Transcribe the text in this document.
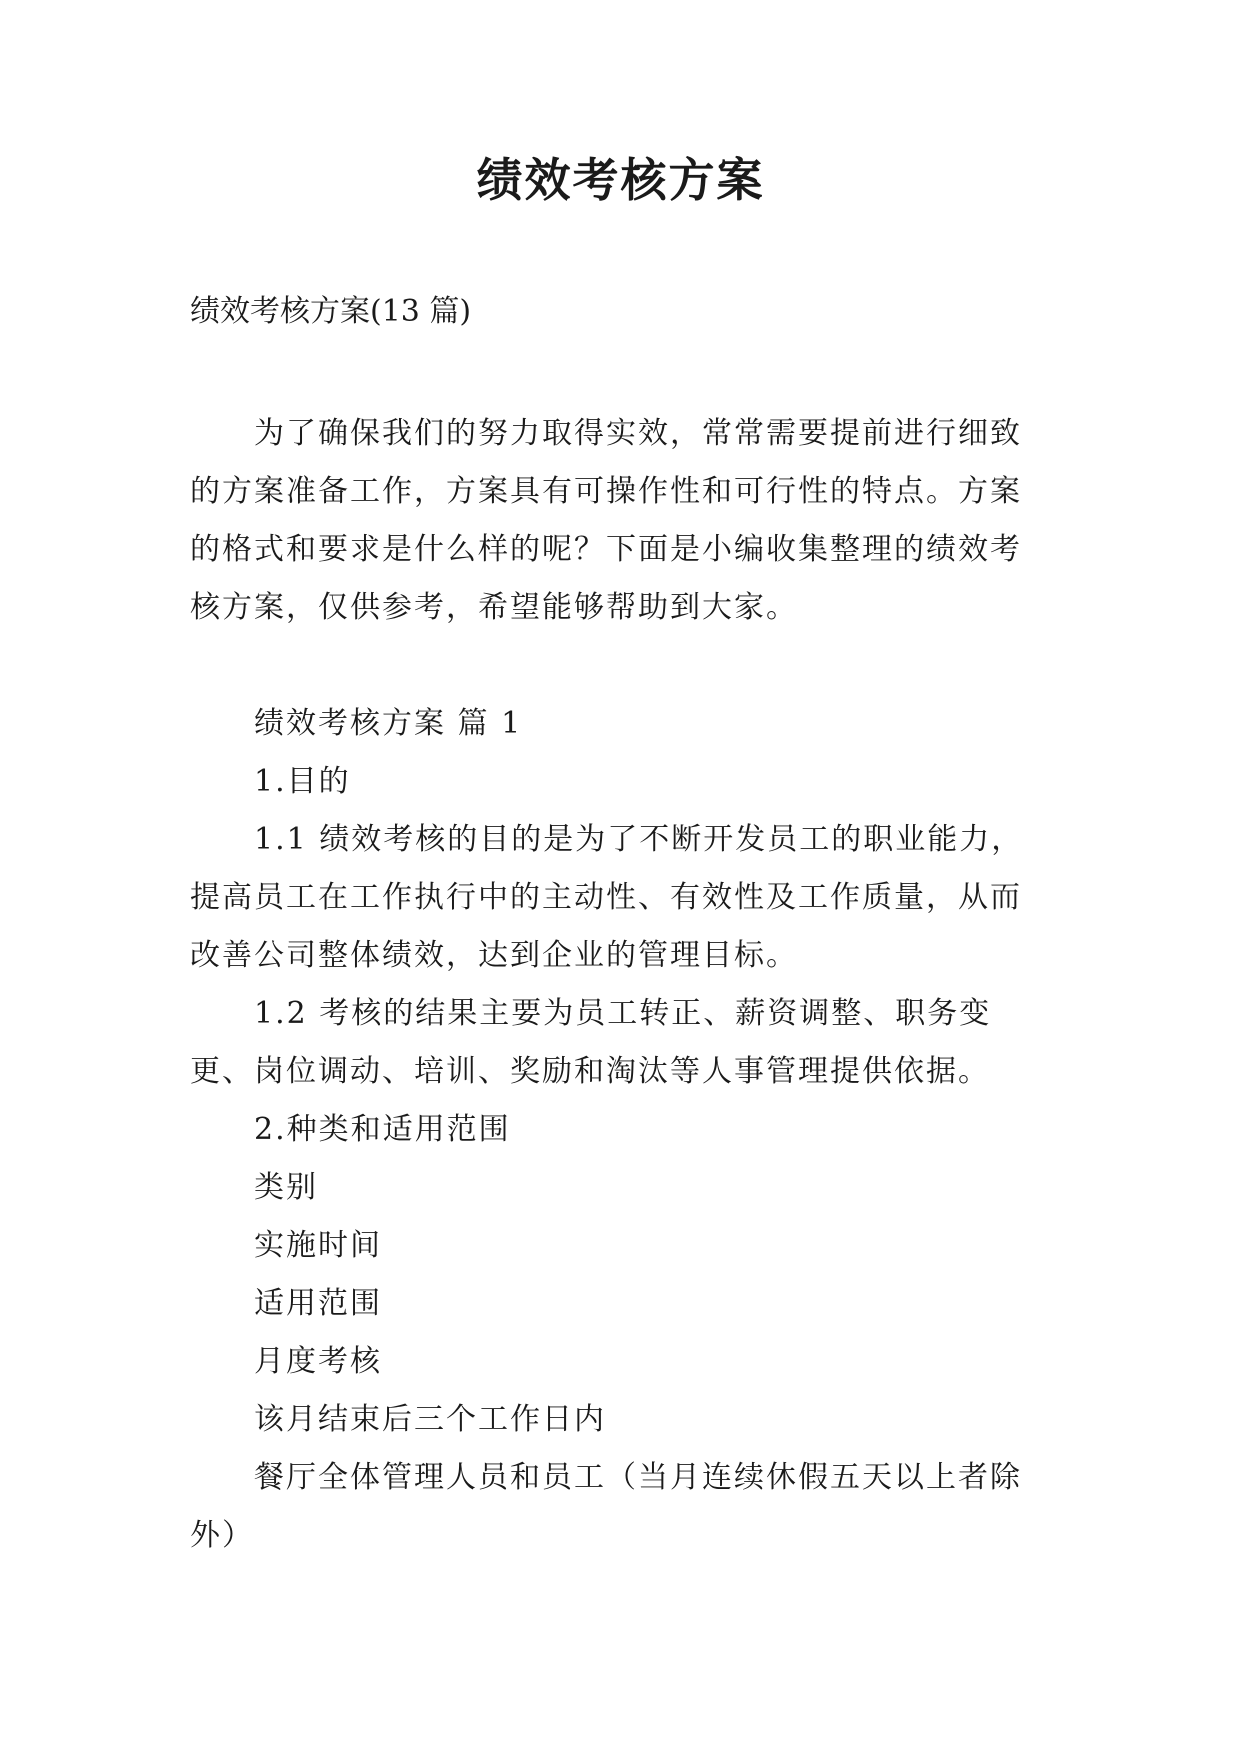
绩效考核方案
绩效考核方案(13 篇)

为了确保我们的努力取得实效，常常需要提前进行细致的方案准备工作，方案具有可操作性和可行性的特点。方案的格式和要求是什么样的呢？下面是小编收集整理的绩效考核方案，仅供参考，希望能够帮助到大家。

绩效考核方案 篇 1

1.目的

1.1 绩效考核的目的是为了不断开发员工的职业能力，提高员工在工作执行中的主动性、有效性及工作质量，从而改善公司整体绩效，达到企业的管理目标。

1.2 考核的结果主要为员工转正、薪资调整、职务变更、岗位调动、培训、奖励和淘汰等人事管理提供依据。

2.种类和适用范围

类别

实施时间

适用范围

月度考核

该月结束后三个工作日内

餐厅全体管理人员和员工（当月连续休假五天以上者除外）
